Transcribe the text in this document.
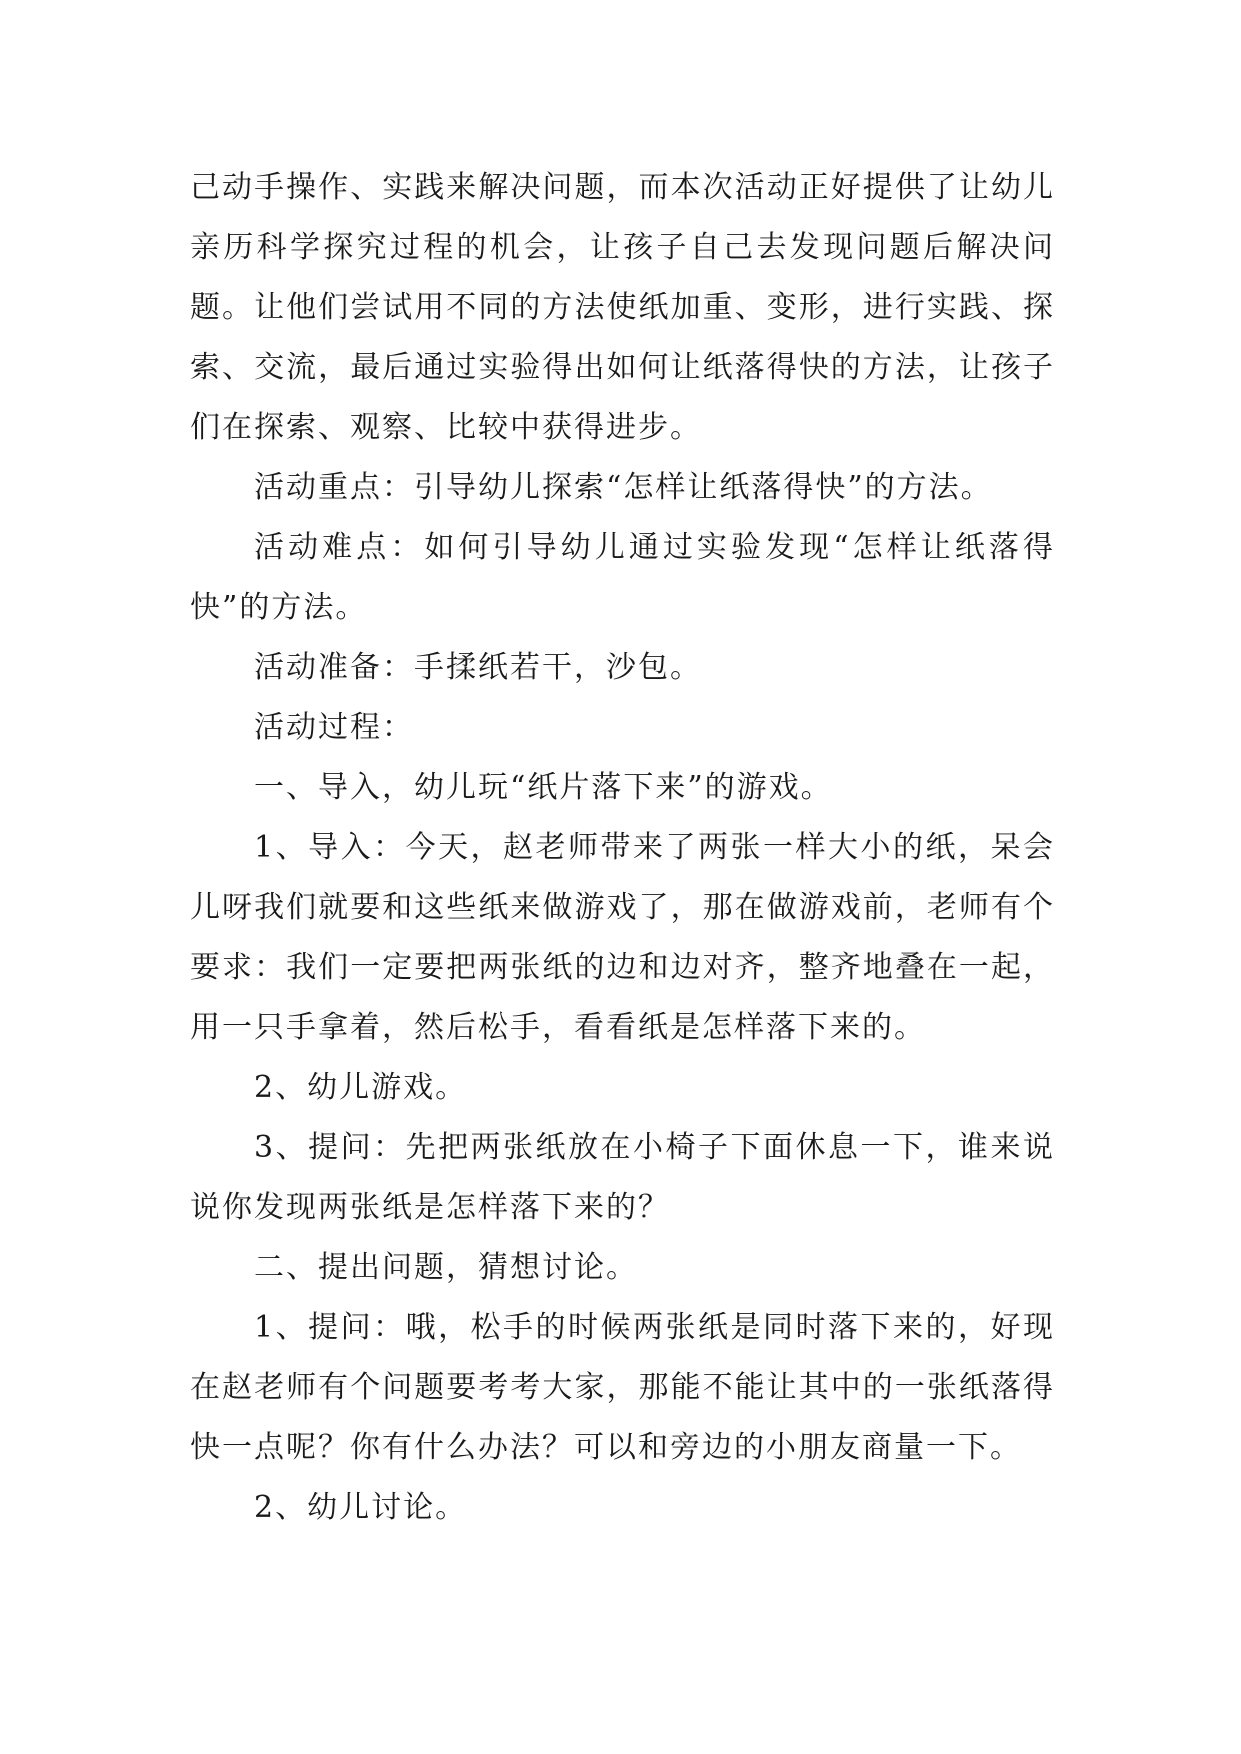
己动手操作、实践来解决问题，而本次活动正好提供了让幼儿亲历科学探究过程的机会，让孩子自己去发现问题后解决问题。让他们尝试用不同的方法使纸加重、变形，进行实践、探索、交流，最后通过实验得出如何让纸落得快的方法，让孩子们在探索、观察、比较中获得进步。

活动重点：引导幼儿探索“怎样让纸落得快”的方法。

活动难点：如何引导幼儿通过实验发现“怎样让纸落得快”的方法。

活动准备：手揉纸若干，沙包。

活动过程：

一、导入，幼儿玩“纸片落下来”的游戏。

1、导入：今天，赵老师带来了两张一样大小的纸，呆会儿呀我们就要和这些纸来做游戏了，那在做游戏前，老师有个要求：我们一定要把两张纸的边和边对齐，整齐地叠在一起，用一只手拿着，然后松手，看看纸是怎样落下来的。

2、幼儿游戏。

3、提问：先把两张纸放在小椅子下面休息一下，谁来说说你发现两张纸是怎样落下来的？

二、提出问题，猜想讨论。

1、提问：哦，松手的时候两张纸是同时落下来的，好现在赵老师有个问题要考考大家，那能不能让其中的一张纸落得快一点呢？你有什么办法？可以和旁边的小朋友商量一下。

2、幼儿讨论。
